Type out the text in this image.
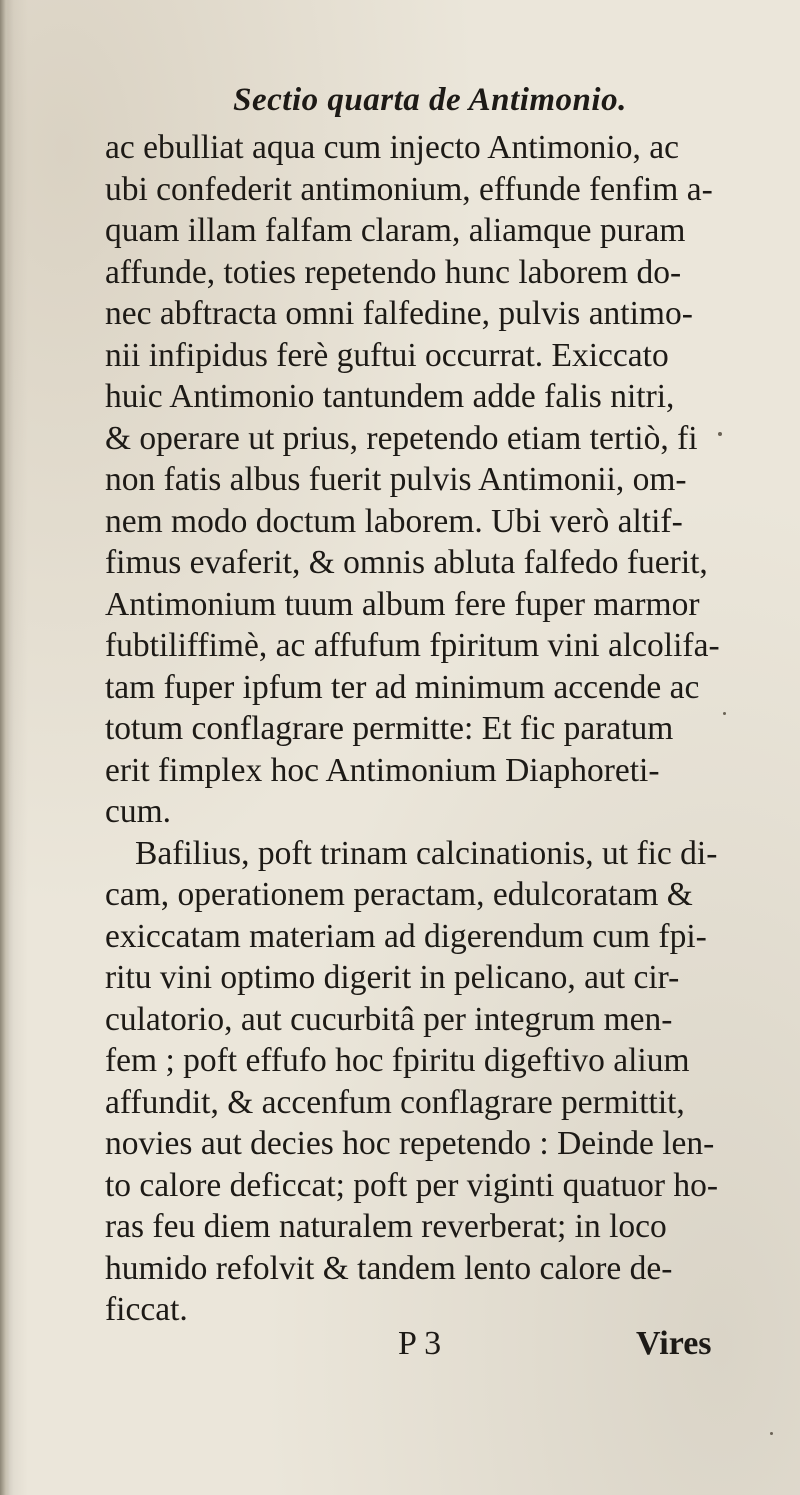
Sectio quarta de Antimonio.
ac ebulliat aqua cum injecto Antimonio, ac
ubi confederit antimonium, effunde fenfim a-
quam illam falfam claram, aliamque puram
affunde, toties repetendo hunc laborem do-
nec abftracta omni falfedine, pulvis antimo-
nii infipidus ferè guftui occurrat. Exiccato
huic Antimonio tantundem adde falis nitri,
& operare ut prius, repetendo etiam tertiò, fi
non fatis albus fuerit pulvis Antimonii, om-
nem modo doctum laborem. Ubi verò altif-
fimus evaferit, & omnis abluta falfedo fuerit,
Antimonium tuum album fere fuper marmor
fubtiliffimè, ac affufum fpiritum vini alcolifa-
tam fuper ipfum ter ad minimum accende ac
totum conflagrare permitte: Et fic paratum
erit fimplex hoc Antimonium Diaphoreti-
cum.
Bafilius, poft trinam calcinationis, ut fic di-
cam, operationem peractam, edulcoratam &
exiccatam materiam ad digerendum cum fpi-
ritu vini optimo digerit in pelicano, aut cir-
culatorio, aut cucurbitâ per integrum men-
fem ; poft effufo hoc fpiritu digeftivo alium
affundit, & accenfum conflagrare permittit,
novies aut decies hoc repetendo : Deinde len-
to calore deficcat; poft per viginti quatuor ho-
ras feu diem naturalem reverberat; in loco
humido refolvit & tandem lento calore de-
ficcat.
P 3	Vires
